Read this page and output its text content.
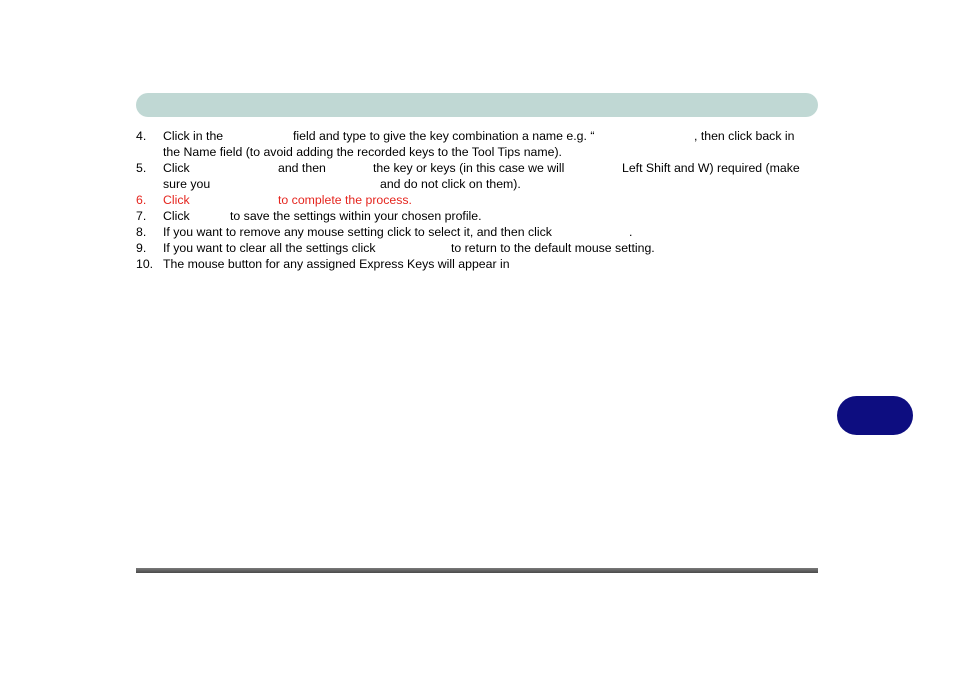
4. Click in the	field and type to give the key combination a name e.g. “	, then click back in
the Name field (to avoid adding the recorded keys to the Tool Tips name).
5. Click	and then	the key or keys (in this case we will	Left Shift and W) required (make
sure you	and do not click on them).
6. Click	to complete the process.
7. Click	to save the settings within your chosen profile.
8. If you want to remove any mouse setting click to select it, and then click	.
9. If you want to clear all the settings click	to return to the default mouse setting.
10. The mouse button for any assigned Express Keys will appear in
